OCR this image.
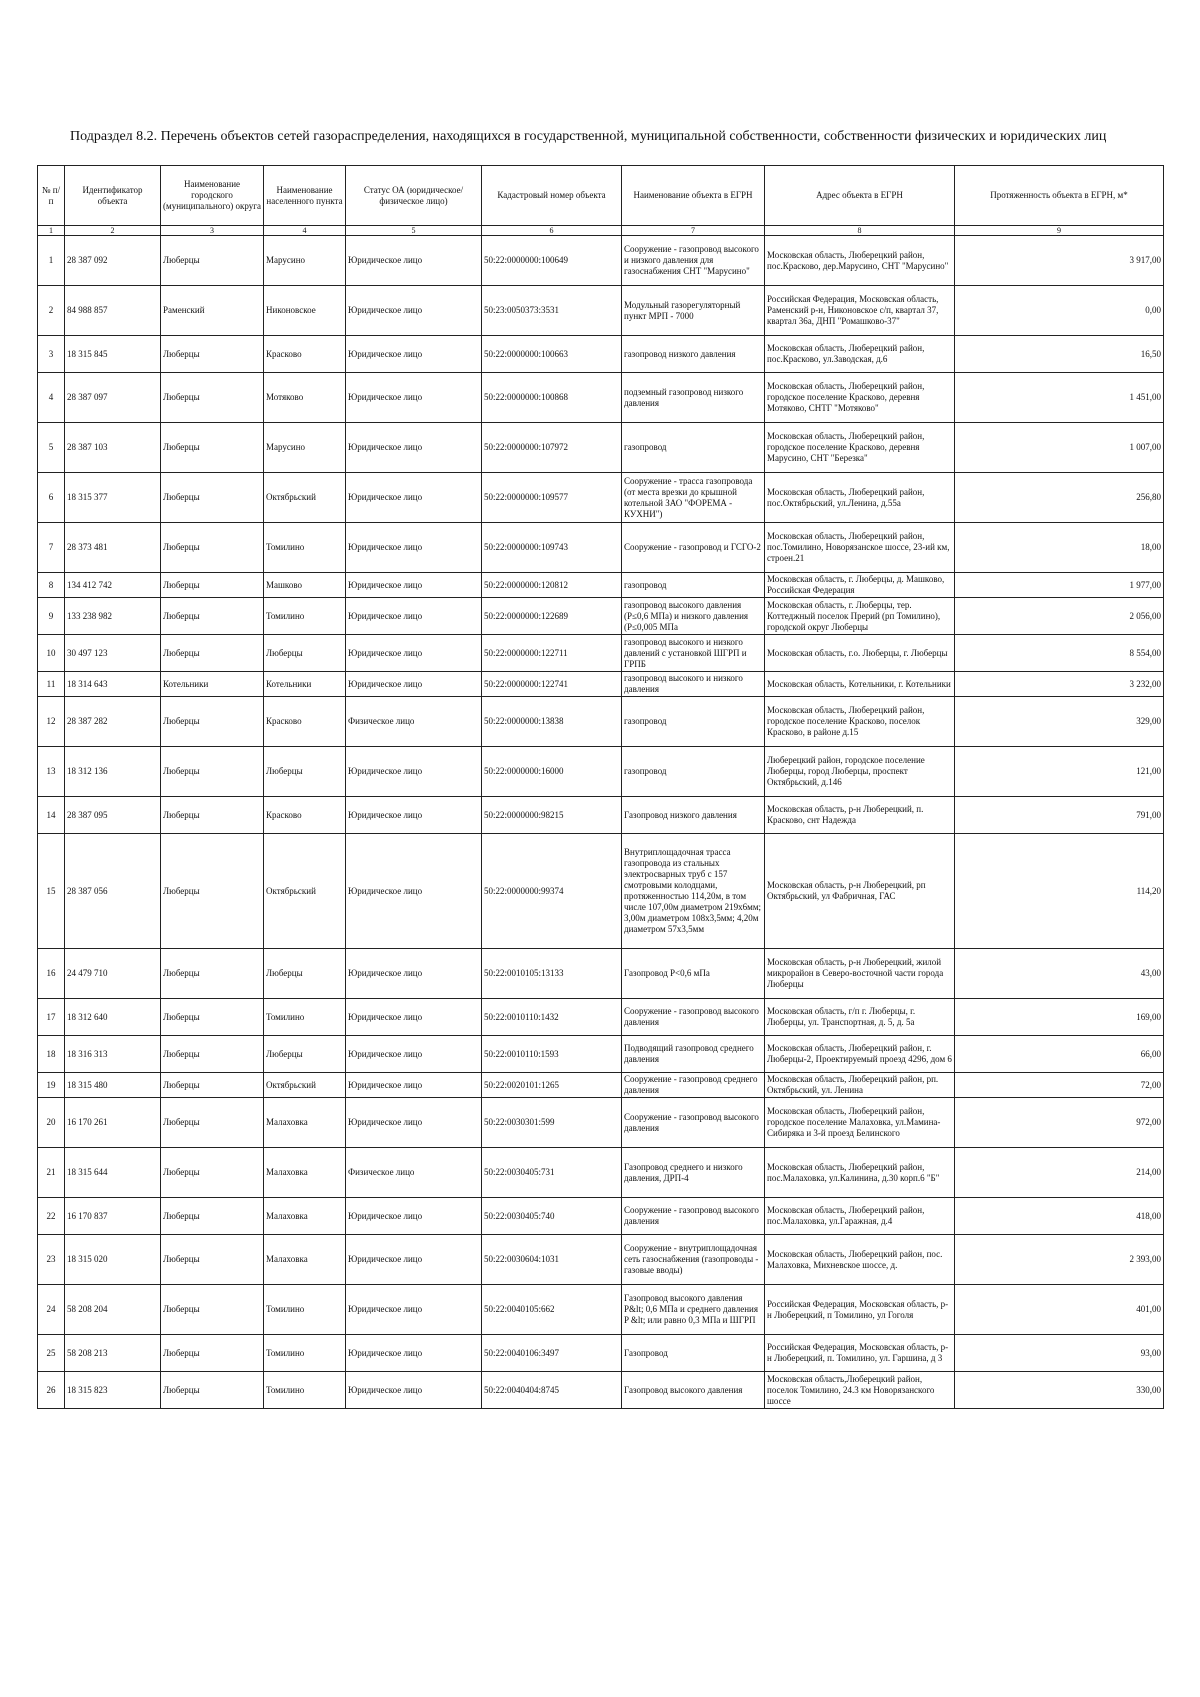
Подраздел 8.2. Перечень объектов сетей газораспределения, находящихся в государственной, муниципальной собственности, собственности физических и юридических лиц
№ п/п	Идентификатор объекта	Наименование городского (муниципального) округа	Наименование населенного пункта	Статус ОА (юридическое/физическое лицо)	Кадастровый номер объекта	Наименование объекта в ЕГРН	Адрес объекта в ЕГРН	Протяженность объекта в ЕГРН, м*
1	2	3	4	5	6	7	8	9
1	28 387 092	Люберцы	Марусино	Юридическое лицо	50:22:0000000:100649	Сооружение - газопровод высокого и низкого давления для газоснабжения СНТ "Марусино"	Московская область, Люберецкий район, пос.Красково, дер.Марусино, СНТ "Марусино"	3 917,00
2	84 988 857	Раменский	Никоновское	Юридическое лицо	50:23:0050373:3531	Модульный газорегуляторный пункт МРП - 7000	Российская Федерация, Московская область, Раменский р-н, Никоновское с/п, квартал 37, квартал 36а, ДНП "Ромашково-37"	0,00
3	18 315 845	Люберцы	Красково	Юридическое лицо	50:22:0000000:100663	газопровод низкого давления	Московская область, Люберецкий район, пос.Красково, ул.Заводская, д.6	16,50
4	28 387 097	Люберцы	Мотяково	Юридическое лицо	50:22:0000000:100868	подземный газопровод низкого давления	Московская область, Люберецкий район, городское поселение Красково, деревня Мотяково, СНТГ "Мотяково"	1 451,00
5	28 387 103	Люберцы	Марусино	Юридическое лицо	50:22:0000000:107972	газопровод	Московская область, Люберецкий район, городское поселение Красково, деревня Марусино, СНТ "Березка"	1 007,00
6	18 315 377	Люберцы	Октябрьский	Юридическое лицо	50:22:0000000:109577	Сооружение - трасса газопровода (от места врезки до крышной котельной ЗАО "ФОРЕМА - КУХНИ")	Московская область, Люберецкий район, пос.Октябрьский, ул.Ленина, д.55а	256,80
7	28 373 481	Люберцы	Томилино	Юридическое лицо	50:22:0000000:109743	Сооружение - газопровод и ГСГО-2	Московская область, Люберецкий район, пос.Томилино, Новорязанское шоссе, 23-ий км, строен.21	18,00
8	134 412 742	Люберцы	Машково	Юридическое лицо	50:22:0000000:120812	газопровод	Московская область, г. Люберцы, д. Машково, Российская Федерация	1 977,00
9	133 238 982	Люберцы	Томилино	Юридическое лицо	50:22:0000000:122689	газопровод высокого давления (P≤0,6 МПа) и низкого давления (P≤0,005 МПа	Московская область, г. Люберцы, тер. Коттеджный поселок Прерий (рп Томилино), городской округ Люберцы	2 056,00
10	30 497 123	Люберцы	Люберцы	Юридическое лицо	50:22:0000000:122711	газопровод высокого и низкого давлений с установкой ШГРП и ГРПБ	Московская область, г.о. Люберцы, г. Люберцы	8 554,00
11	18 314 643	Котельники	Котельники	Юридическое лицо	50:22:0000000:122741	газопровод высокого и низкого давления	Московская область, Котельники, г. Котельники	3 232,00
12	28 387 282	Люберцы	Красково	Физическое лицо	50:22:0000000:13838	газопровод	Московская область, Люберецкий район, городское поселение Красково, поселок Красково, в районе д.15	329,00
13	18 312 136	Люберцы	Люберцы	Юридическое лицо	50:22:0000000:16000	газопровод	Люберецкий район, городское поселение Люберцы, город Люберцы, проспект Октябрьский, д.146	121,00
14	28 387 095	Люберцы	Красково	Юридическое лицо	50:22:0000000:98215	Газопровод низкого давления	Московская область, р-н Люберецкий, п. Красково, снт Надежда	791,00
15	28 387 056	Люберцы	Октябрьский	Юридическое лицо	50:22:0000000:99374	Внутриплощадочная трасса газопровода из стальных электросварных труб с 157 смотровыми колодцами, протяженностью 114,20м, в том числе 107,00м диаметром 219х6мм; 3,00м диаметром 108х3,5мм; 4,20м диаметром 57х3,5мм	Московская область, р-н Люберецкий, рп Октябрьский, ул Фабричная, ГАС	114,20
16	24 479 710	Люберцы	Люберцы	Юридическое лицо	50:22:0010105:13133	Газопровод Р<0,6 мПа	Московская область, р-н Люберецкий, жилой микрорайон в Северо-восточной части города Люберцы	43,00
17	18 312 640	Люберцы	Томилино	Юридическое лицо	50:22:0010110:1432	Сооружение - газопровод высокого давления	Московская область, г/п г. Люберцы, г. Люберцы, ул. Транспортная, д. 5, д. 5а	169,00
18	18 316 313	Люберцы	Люберцы	Юридическое лицо	50:22:0010110:1593	Подводящий газопровод среднего давления	Московская область, Люберецкий район, г. Люберцы-2, Проектируемый проезд 4296, дом 6	66,00
19	18 315 480	Люберцы	Октябрьский	Юридическое лицо	50:22:0020101:1265	Сооружение - газопровод среднего давления	Московская область, Люберецкий район, рп. Октябрьский, ул. Ленина	72,00
20	16 170 261	Люберцы	Малаховка	Юридическое лицо	50:22:0030301:599	Сооружение - газопровод высокого давления	Московская область, Люберецкий район, городское поселение Малаховка, ул.Мамина-Сибиряка и 3-й проезд Белинского	972,00
21	18 315 644	Люберцы	Малаховка	Физическое лицо	50:22:0030405:731	Газопровод среднего и низкого давления, ДРП-4	Московская область, Люберецкий район, пос.Малаховка, ул.Калинина, д.30 корп.6 "Б"	214,00
22	16 170 837	Люберцы	Малаховка	Юридическое лицо	50:22:0030405:740	Сооружение - газопровод высокого давления	Московская область, Люберецкий район, пос.Малаховка, ул.Гаражная, д.4	418,00
23	18 315 020	Люберцы	Малаховка	Юридическое лицо	50:22:0030604:1031	Сооружение - внутриплощадочная сеть газоснабжения (газопроводы - газовые вводы)	Московская область, Люберецкий район, пос. Малаховка, Михневское шоссе, д.	2 393,00
24	58 208 204	Люберцы	Томилино	Юридическое лицо	50:22:0040105:662	Газопровод высокого давления P&lt; 0,6 МПа и среднего давления P &lt; или равно 0,3 МПа и ШГРП	Российская Федерация, Московская область, р-н Люберецкий, п Томилино, ул Гоголя	401,00
25	58 208 213	Люберцы	Томилино	Юридическое лицо	50:22:0040106:3497	Газопровод	Российская Федерация, Московская область, р-н Люберецкий, п. Томилино, ул. Гаршина, д 3	93,00
26	18 315 823	Люберцы	Томилино	Юридическое лицо	50:22:0040404:8745	Газопровод высокого давления	Московская область,Люберецкий район, поселок Томилино, 24.3 км Новорязанского шоссе	330,00
